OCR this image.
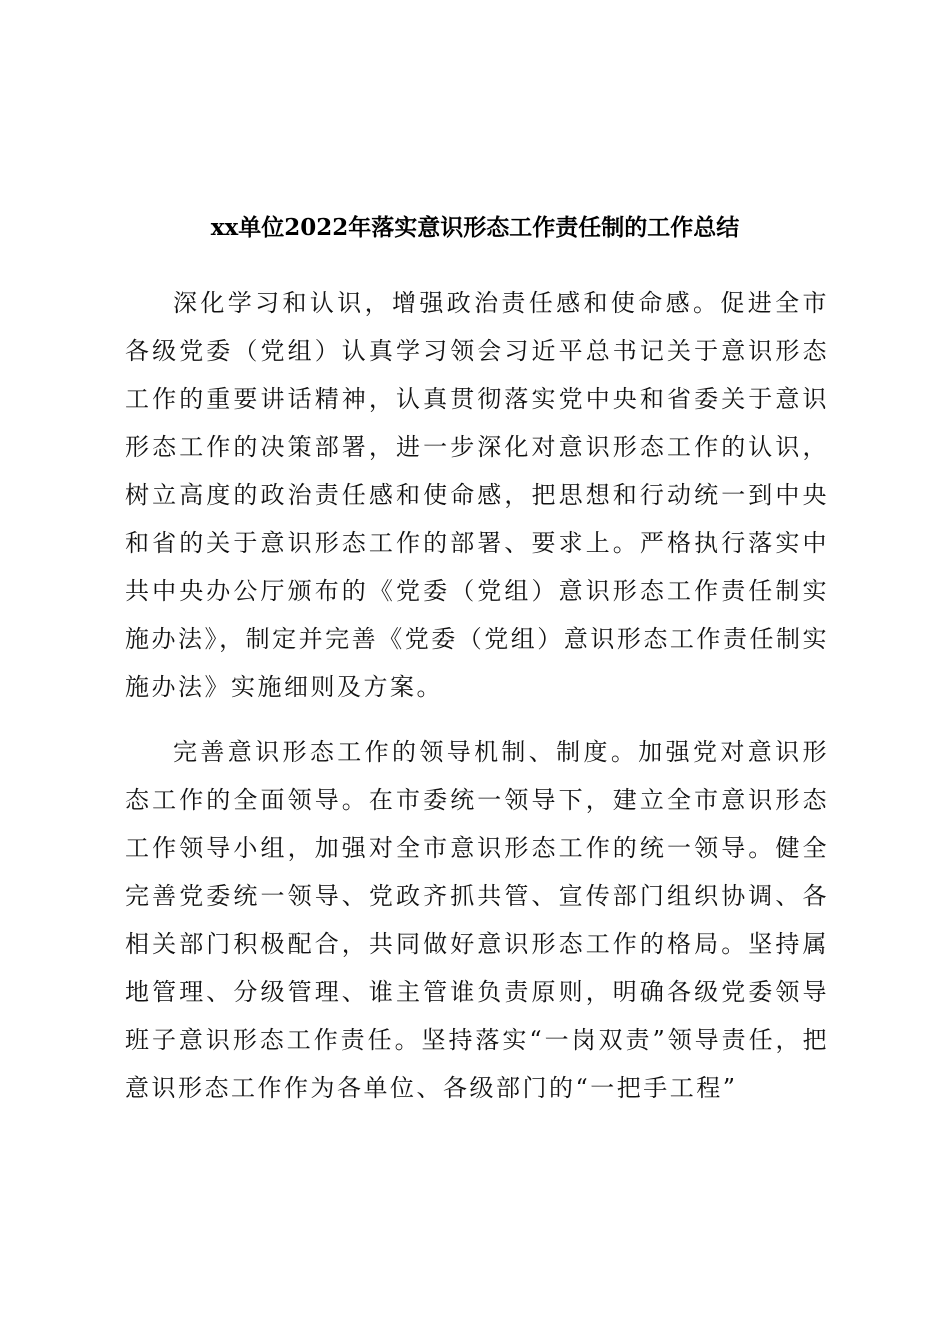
xx单位2022年落实意识形态工作责任制的工作总结

深化学习和认识，增强政治责任感和使命感。促进全市各级党委（党组）认真学习领会习近平总书记关于意识形态工作的重要讲话精神，认真贯彻落实党中央和省委关于意识形态工作的决策部署，进一步深化对意识形态工作的认识，树立高度的政治责任感和使命感，把思想和行动统一到中央和省的关于意识形态工作的部署、要求上。严格执行落实中共中央办公厅颁布的《党委（党组）意识形态工作责任制实施办法》，制定并完善《党委（党组）意识形态工作责任制实施办法》实施细则及方案。

完善意识形态工作的领导机制、制度。加强党对意识形态工作的全面领导。在市委统一领导下，建立全市意识形态工作领导小组，加强对全市意识形态工作的统一领导。健全完善党委统一领导、党政齐抓共管、宣传部门组织协调、各相关部门积极配合，共同做好意识形态工作的格局。坚持属地管理、分级管理、谁主管谁负责原则，明确各级党委领导班子意识形态工作责任。坚持落实“一岗双责”领导责任，把意识形态工作作为各单位、各级部门的“一把手工程”
